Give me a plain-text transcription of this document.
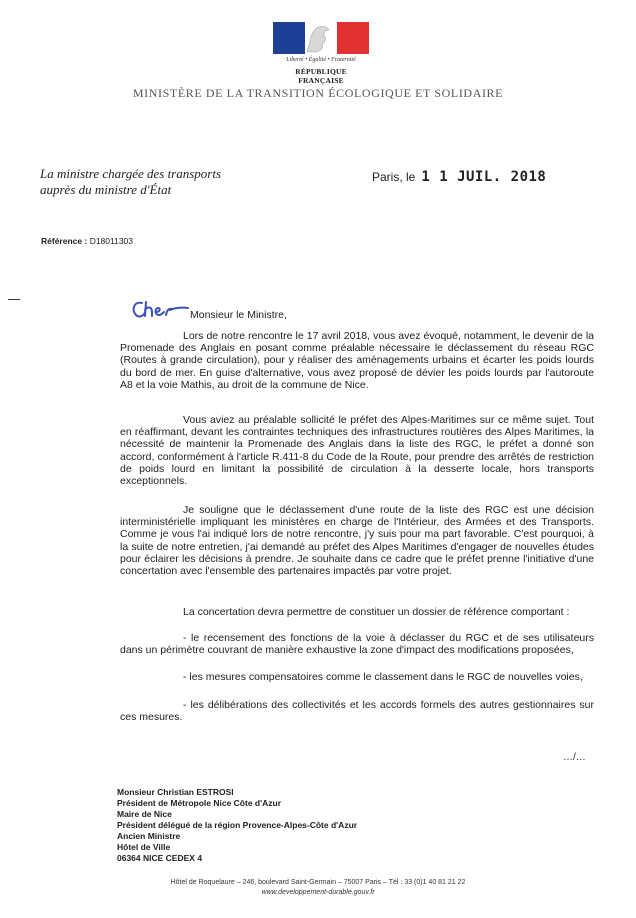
Liberté • Égalité • Fraternité
RÉPUBLIQUE FRANÇAISE
MINISTÈRE DE LA TRANSITION ÉCOLOGIQUE ET SOLIDAIRE
La ministre chargée des transports
auprès du ministre d'État
Paris, le 1 1 JUIL. 2018
Référence : D18011303
Monsieur le Ministre,
Lors de notre rencontre le 17 avril 2018, vous avez évoqué, notamment, le devenir de la Promenade des Anglais en posant comme préalable nécessaire le déclassement du réseau RGC (Routes à grande circulation), pour y réaliser des aménagements urbains et écarter les poids lourds du bord de mer. En guise d'alternative, vous avez proposé de dévier les poids lourds par l'autoroute A8 et la voie Mathis, au droit de la commune de Nice.
Vous aviez au préalable sollicité le préfet des Alpes-Maritimes sur ce même sujet. Tout en réaffirmant, devant les contraintes techniques des infrastructures routières des Alpes Maritimes, la nécessité de maintenir la Promenade des Anglais dans la liste des RGC, le préfet a donné son accord, conformément à l'article R.411-8 du Code de la Route, pour prendre des arrêtés de restriction de poids lourd en limitant la possibilité de circulation à la desserte locale, hors transports exceptionnels.
Je souligne que le déclassement d'une route de la liste des RGC est une décision interministérielle impliquant les ministères en charge de l'Intérieur, des Armées et des Transports. Comme je vous l'ai indiqué lors de notre rencontre, j'y suis pour ma part favorable. C'est pourquoi, à la suite de notre entretien, j'ai demandé au préfet des Alpes Maritimes d'engager de nouvelles études pour éclairer les décisions à prendre. Je souhaite dans ce cadre que le préfet prenne l'initiative d'une concertation avec l'ensemble des partenaires impactés par votre projet.
La concertation devra permettre de constituer un dossier de référence comportant :
- le recensement des fonctions de la voie à déclasser du RGC et de ses utilisateurs dans un périmètre couvrant de manière exhaustive la zone d'impact des modifications proposées,
- les mesures compensatoires comme le classement dans le RGC de nouvelles voies,
- les délibérations des collectivités et les accords formels des autres gestionnaires sur ces mesures.
…/…
Monsieur Christian ESTROSI
Président de Métropole Nice Côte d'Azur
Maire de Nice
Président délégué de la région Provence-Alpes-Côte d'Azur
Ancien Ministre
Hôtel de Ville
06364 NICE CEDEX 4
Hôtel de Roquelaure – 246, boulevard Saint-Germain – 75007 Paris – Tél : 33 (0)1 40 81 21 22
www.developpement-durable.gouv.fr
